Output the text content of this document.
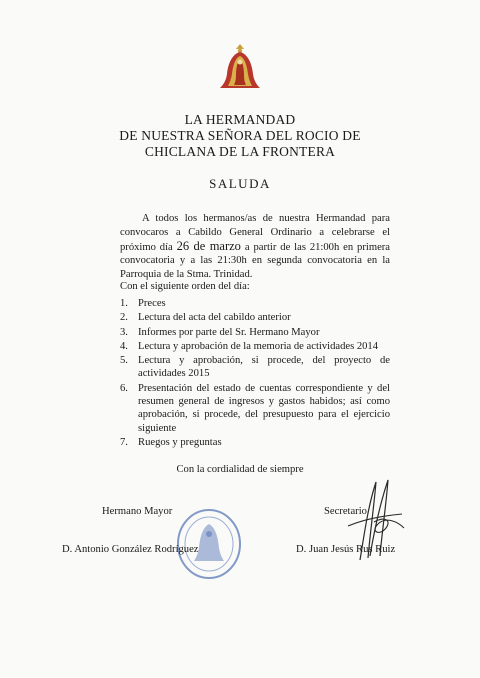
LA HERMANDAD
DE NUESTRA SEÑORA DEL ROCIO DE
CHICLANA DE LA FRONTERA
SALUDA
A todos los hermanos/as de nuestra Hermandad para convocaros a Cabildo General Ordinario a celebrarse el próximo día 26 de marzo a partir de las 21:00h en primera convocatoria y a las 21:30h en segunda convocatoria en la Parroquia de la Stma. Trinidad.
Con el siguiente orden del día:
1. Preces
2. Lectura del acta del cabildo anterior
3. Informes por parte del Sr. Hermano Mayor
4. Lectura y aprobación de la memoria de actividades 2014
5. Lectura y aprobación, si procede, del proyecto de actividades 2015
6. Presentación del estado de cuentas correspondiente y del resumen general de ingresos y gastos habidos; así como aprobación, si procede, del presupuesto para el ejercicio siguiente
7. Ruegos y preguntas
Con la cordialidad de siempre
Hermano Mayor
D. Antonio González Rodríguez
Secretario
D. Juan Jesús Rus Ruiz
